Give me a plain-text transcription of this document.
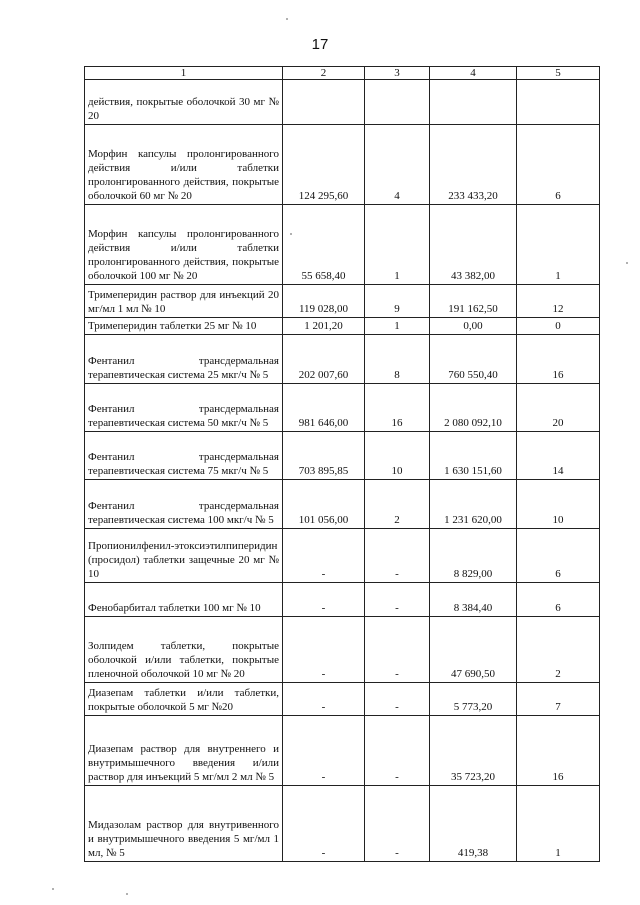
17
1	2	3	4	5
действия, покрытые оболочкой 30 мг № 20				
Морфин капсулы пролонгированного действия и/или таблетки пролонгированного действия, покрытые оболочкой 60 мг № 20	124 295,60	4	233 433,20	6
Морфин капсулы пролонгированного действия и/или таблетки пролонгированного действия, покрытые оболочкой 100 мг № 20	55 658,40	1	43 382,00	1
Тримеперидин раствор для инъекций 20 мг/мл 1 мл № 10	119 028,00	9	191 162,50	12
Тримеперидин таблетки 25 мг № 10	1 201,20	1	0,00	0
Фентанил трансдермальная терапевтическая система 25 мкг/ч № 5	202 007,60	8	760 550,40	16
Фентанил трансдермальная терапевтическая система 50 мкг/ч № 5	981 646,00	16	2 080 092,10	20
Фентанил трансдермальная терапевтическая система 75 мкг/ч № 5	703 895,85	10	1 630 151,60	14
Фентанил трансдермальная терапевтическая система 100 мкг/ч № 5	101 056,00	2	1 231 620,00	10
Пропионилфенил-этоксиэтилпиперидин (просидол) таблетки защечные 20 мг № 10	-	-	8 829,00	6
Фенобарбитал таблетки 100 мг № 10	-	-	8 384,40	6
Золпидем таблетки, покрытые оболочкой и/или таблетки, покрытые пленочной оболочкой 10 мг № 20	-	-	47 690,50	2
Диазепам таблетки и/или таблетки, покрытые оболочкой 5 мг №20	-	-	5 773,20	7
Диазепам раствор для внутреннего и внутримышечного введения и/или раствор для инъекций 5 мг/мл 2 мл № 5	-	-	35 723,20	16
Мидазолам раствор для внутривенного и внутримышечного введения 5 мг/мл 1 мл, № 5	-	-	419,38	1
